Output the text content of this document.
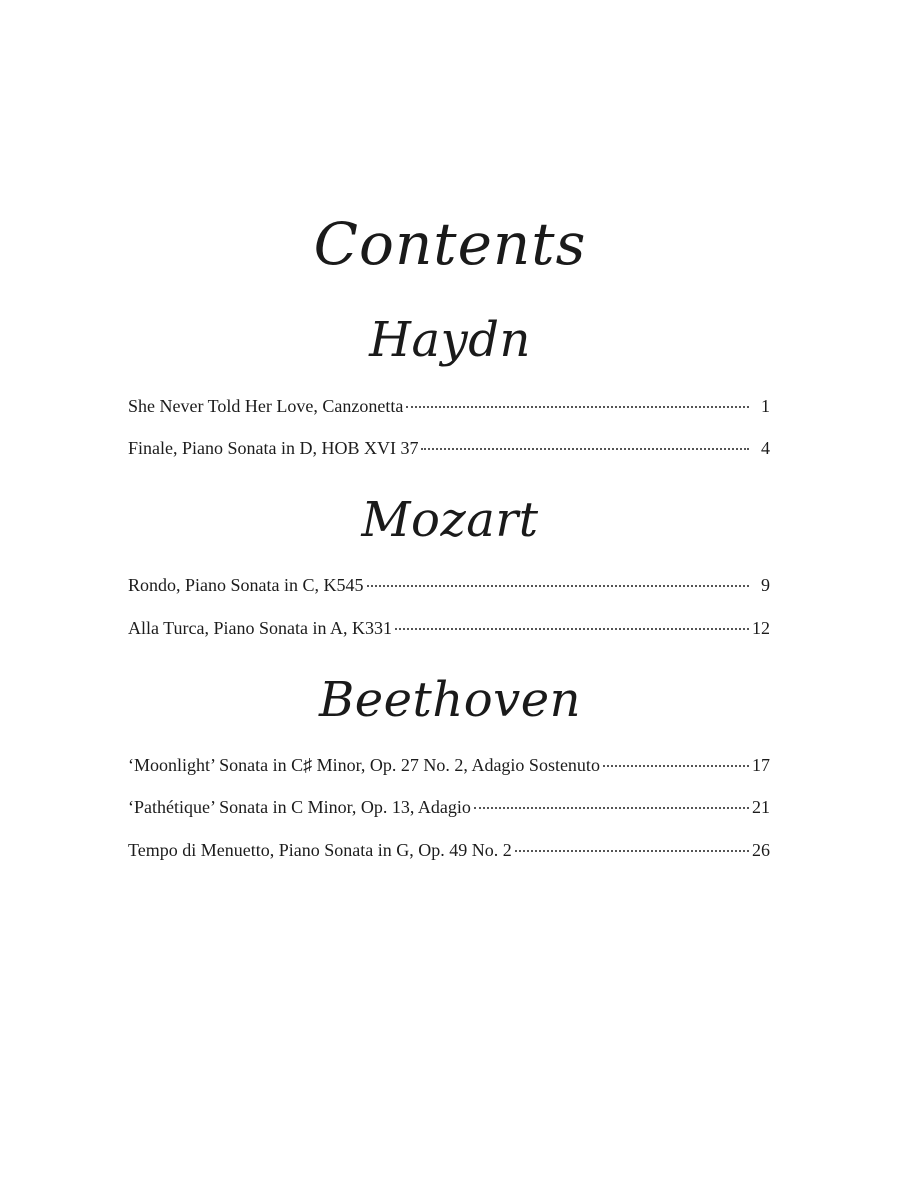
Contents
Haydn
She Never Told Her Love, Canzonetta	1
Finale, Piano Sonata in D, HOB XVI 37	4
Mozart
Rondo, Piano Sonata in C, K545	9
Alla Turca, Piano Sonata in A, K331	12
Beethoven
‘Moonlight’ Sonata in C♯ Minor, Op. 27 No. 2, Adagio Sostenuto	17
‘Pathétique’ Sonata in C Minor, Op. 13, Adagio	21
Tempo di Menuetto, Piano Sonata in G, Op. 49 No. 2	26
